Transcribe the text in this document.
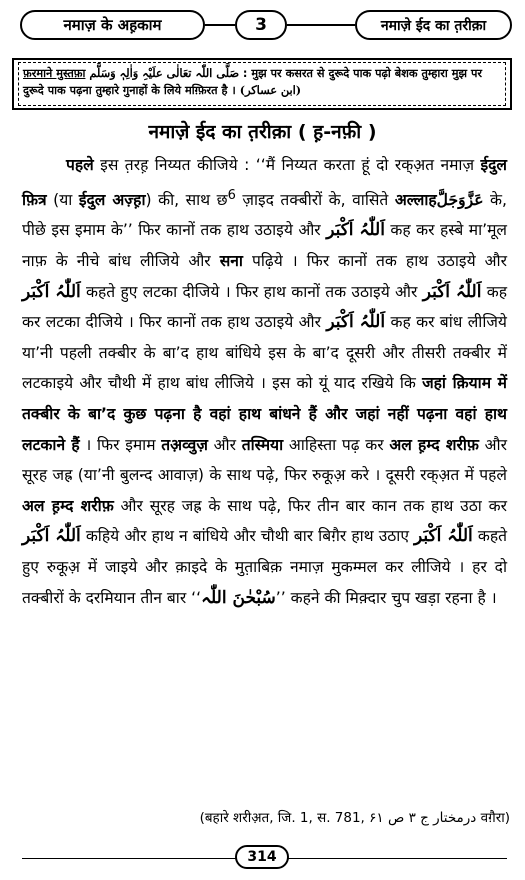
नमाज़ के अह़काम	3	नमाज़े ईद का त़रीक़ा
फ़रमाने मुस्तफ़ा صَلَّی اللّٰہ تعَالٰی علَیْہِ وَاٰلِہٖ وَسَلَّم : मुझ पर कसरत से दुरूदे पाक पढ़ो बेशक तुम्हारा मुझ पर दुरूदे पाक पढ़ना तुम्हारे गुनाहों के लिये मग़्फ़िरत है । (ابن عساکر)
नमाज़े ईद का त़रीक़ा ( ह़-नफ़ी )
पहले इस त़रह़ निय्यत कीजिये : ‘‘मैं निय्यत करता हूं दो रक्अ़त नमाज़ ईदुल फ़ित्र (या ईदुल अज़्ह़ा) की, साथ छ$^6$ ज़ाइद तक्बीरों के, वासिते अल्लाहعَزَّوَجَلَّ के, पीछे इस इमाम के’’ फिर कानों तक हाथ उठाइये और اَللّٰہُ اَکْبَر कह कर हस्बे मा’मूल नाफ़ के नीचे बांध लीजिये और सना पढ़िये । फिर कानों तक हाथ उठाइये और اَللّٰہُ اَکْبَر कहते हुए लटका दीजिये । फिर हाथ कानों तक उठाइये और اَللّٰہُ اَکْبَر कह कर लटका दीजिये । फिर कानों तक हाथ उठाइये और اَللّٰہُ اَکْبَر कह कर बांध लीजिये या’नी पहली तक्बीर के बा’द हाथ बांधिये इस के बा’द दूसरी और तीसरी तक्बीर में लटकाइये और चौथी में हाथ बांध लीजिये । इस को यूं याद रखिये कि जहां क़ियाम में तक्बीर के बा’द कुछ पढ़ना है वहां हाथ बांधने हैं और जहां नहीं पढ़ना वहां हाथ लटकाने हैं । फिर इमाम तअ़व्वुज़ और तस्मिया आहिस्ता पढ़ कर अल ह़म्द शरीफ़ और सूरह जह्र (या’नी बुलन्द आवाज़) के साथ पढ़े, फिर रुकूअ़ करे । दूसरी रक्अ़त में पहले अल ह़म्द शरीफ़ और सूरह जह्र के साथ पढ़े, फिर तीन बार कान तक हाथ उठा कर اَللّٰہُ اَکْبَر कहिये और हाथ न बांधिये और चौथी बार बिग़ैर हाथ उठाए اَللّٰہُ اَکْبَر कहते हुए रुकूअ़ में जाइये और क़ाइदे के मुत़ाबिक़ नमाज़ मुकम्मल कर लीजिये । हर दो तक्बीरों के दरमियान तीन बार ‘‘سُبْحٰنَ اللّٰہ’’ कहने की मिक़्दार चुप खड़ा रहना है ।
(बहारे शरीअ़त, जि. 1, स. 781, درمختار ج ۳ ص ۶۱ वग़ैरा)
314
